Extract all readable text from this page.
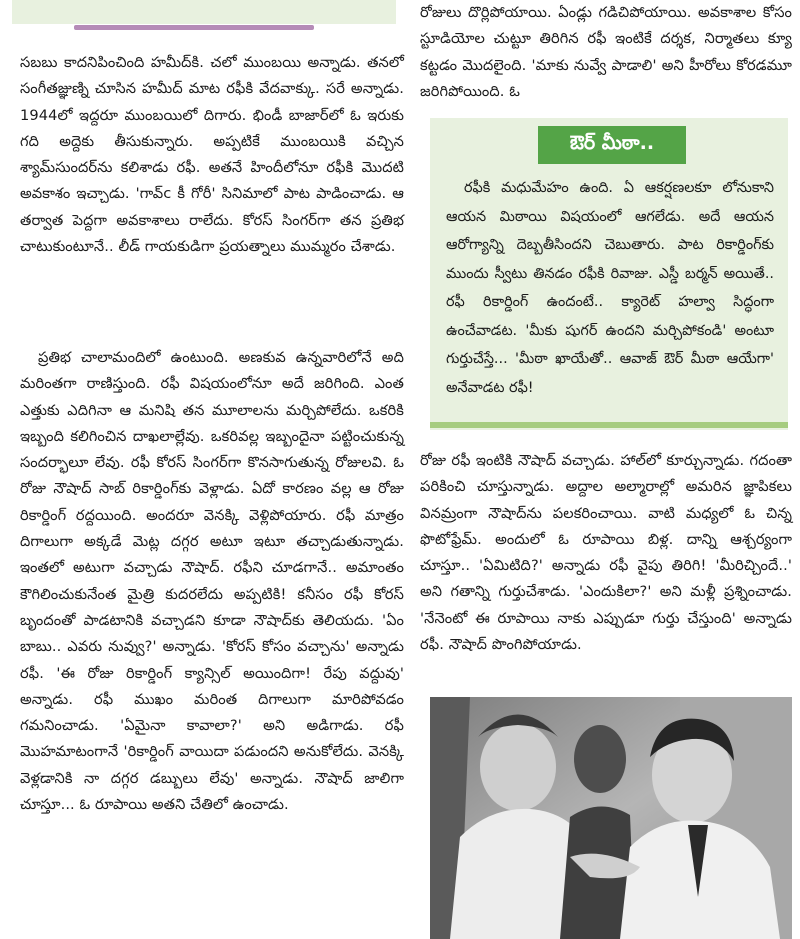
సబబు కాదనిపించింది హమీద్‌కి. చలో ముంబయి అన్నాడు. తనలో సంగీతజ్ఞుణ్ని చూసిన హమీద్ మాట రఫీకి వేదవాక్కు. సరే అన్నాడు. 1944లో ఇద్దరూ ముంబయిలో దిగారు. భిండీ బాజార్‌లో ఓ ఇరుకు గది అద్దెకు తీసుకున్నారు. అప్పటికే ముంబయికి వచ్చిన శ్యామ్‌సుందర్‌ను కలిశాడు రఫీ. అతనే హిందీలోనూ రఫీకి మొదటి అవకాశం ఇచ్చాడు. 'గావ్‌c కీ గోరీ' సినిమాలో పాట పాడించాడు. ఆ తర్వాత పెద్దగా అవకాశాలు రాలేదు. కోరస్ సింగర్‌గా తన ప్రతిభ చాటుకుంటూనే.. లీడ్ గాయకుడిగా ప్రయత్నాలు ముమ్మరం చేశాడు.

ప్రతిభ చాలామందిలో ఉంటుంది. అణకువ ఉన్నవారిలోనే అది మరింతగా రాణిస్తుంది. రఫీ విషయంలోనూ అదే జరిగింది. ఎంత ఎత్తుకు ఎదిగినా ఆ మనిషి తన మూలాలను మర్చిపోలేదు. ఒకరికి ఇబ్బంది కలిగించిన దాఖలాల్లేవు. ఒకరివల్ల ఇబ్బందైనా పట్టించుకున్న సందర్భాలూ లేవు. రఫీ కోరస్ సింగర్‌గా కొనసాగుతున్న రోజులవి. ఓ రోజు నౌషాద్ సాబ్ రికార్డింగ్‌కు వెళ్లాడు. ఏదో కారణం వల్ల ఆ రోజు రికార్డింగ్ రద్దయింది. అందరూ వెనక్కి వెళ్లిపోయారు. రఫీ మాత్రం దిగాలుగా అక్కడే మెట్ల దగ్గర అటూ ఇటూ తచ్చాడుతున్నాడు. ఇంతలో అటుగా వచ్చాడు నౌషాద్. రఫీని చూడగానే.. అమాంతం కౌగిలించుకునేంత మైత్రి కుదరలేదు అప్పటికి! కనీసం రఫీ కోరస్ బృందంతో పాడటానికి వచ్చాడని కూడా నౌషాద్‌కు తెలియదు. 'ఏం బాబు.. ఎవరు నువ్వు?' అన్నాడు. 'కోరస్ కోసం వచ్చాను' అన్నాడు రఫీ. 'ఈ రోజు రికార్డింగ్ క్యాన్సిల్ అయిందిగా! రేపు వద్దువు' అన్నాడు. రఫీ ముఖం మరింత దిగాలుగా మారిపోవడం గమనించాడు. 'ఏమైనా కావాలా?' అని అడిగాడు. రఫీ మొహమాటంగానే 'రికార్డింగ్ వాయిదా పడుందని అనుకోలేదు. వెనక్కి వెళ్లడానికి నా దగ్గర డబ్బులు లేవు' అన్నాడు. నౌషాద్ జాలిగా చూస్తూ... ఓ రూపాయి అతని చేతిలో ఉంచాడు.

రోజులు దొర్లిపోయాయి. ఏండ్లు గడిచిపోయాయి. అవకాశాల కోసం స్టూడియోల చుట్టూ తిరిగిన రఫీ ఇంటికే దర్శక, నిర్మాతలు క్యూ కట్టడం మొదలైంది. 'మాకు నువ్వే పాడాలి' అని హీరోలు కోరడమూ జరిగిపోయింది. ఓ

ఔర్ మీఠా..

రఫీకి మధుమేహం ఉంది. ఏ ఆకర్షణలకూ లోనుకాని ఆయన మిఠాయి విషయంలో ఆగలేడు. అదే ఆయన ఆరోగ్యాన్ని దెబ్బతీసిందని చెబుతారు. పాట రికార్డింగ్‌కు ముందు స్వీటు తినడం రఫీకి రివాజు. ఎస్డీ బర్మన్ అయితే.. రఫీ రికార్డింగ్ ఉందంటే.. క్యారెట్ హల్వా సిద్ధంగా ఉంచేవాడట. 'మీకు షుగర్ ఉందని మర్చిపోకండి' అంటూ గుర్తుచేస్తే... 'మీఠా ఖాయేతో.. ఆవాజ్ ఔర్ మీఠా ఆయేగా' అనేవాడట రఫీ!

రోజు రఫీ ఇంటికి నౌషాద్ వచ్చాడు. హాల్‌లో కూర్చున్నాడు. గదంతా పరికించి చూస్తున్నాడు. అద్దాల అల్మారాల్లో అమరిన జ్ఞాపికలు వినమ్రంగా నౌషాద్‌ను పలకరించాయి. వాటి మధ్యలో ఓ చిన్న ఫొటోఫ్రేమ్. అందులో ఓ రూపాయి బిళ్ల. దాన్ని ఆశ్చర్యంగా చూస్తూ.. 'ఏమిటిది?' అన్నాడు రఫీ వైపు తిరిగి! 'మీరిచ్చిందే..' అని గతాన్ని గుర్తుచేశాడు. 'ఎందుకిలా?' అని మళ్లీ ప్రశ్నించాడు. 'నేనెంటో ఈ రూపాయి నాకు ఎప్పుడూ గుర్తు చేస్తుంది' అన్నాడు రఫీ. నౌషాద్ పొంగిపోయాడు.
